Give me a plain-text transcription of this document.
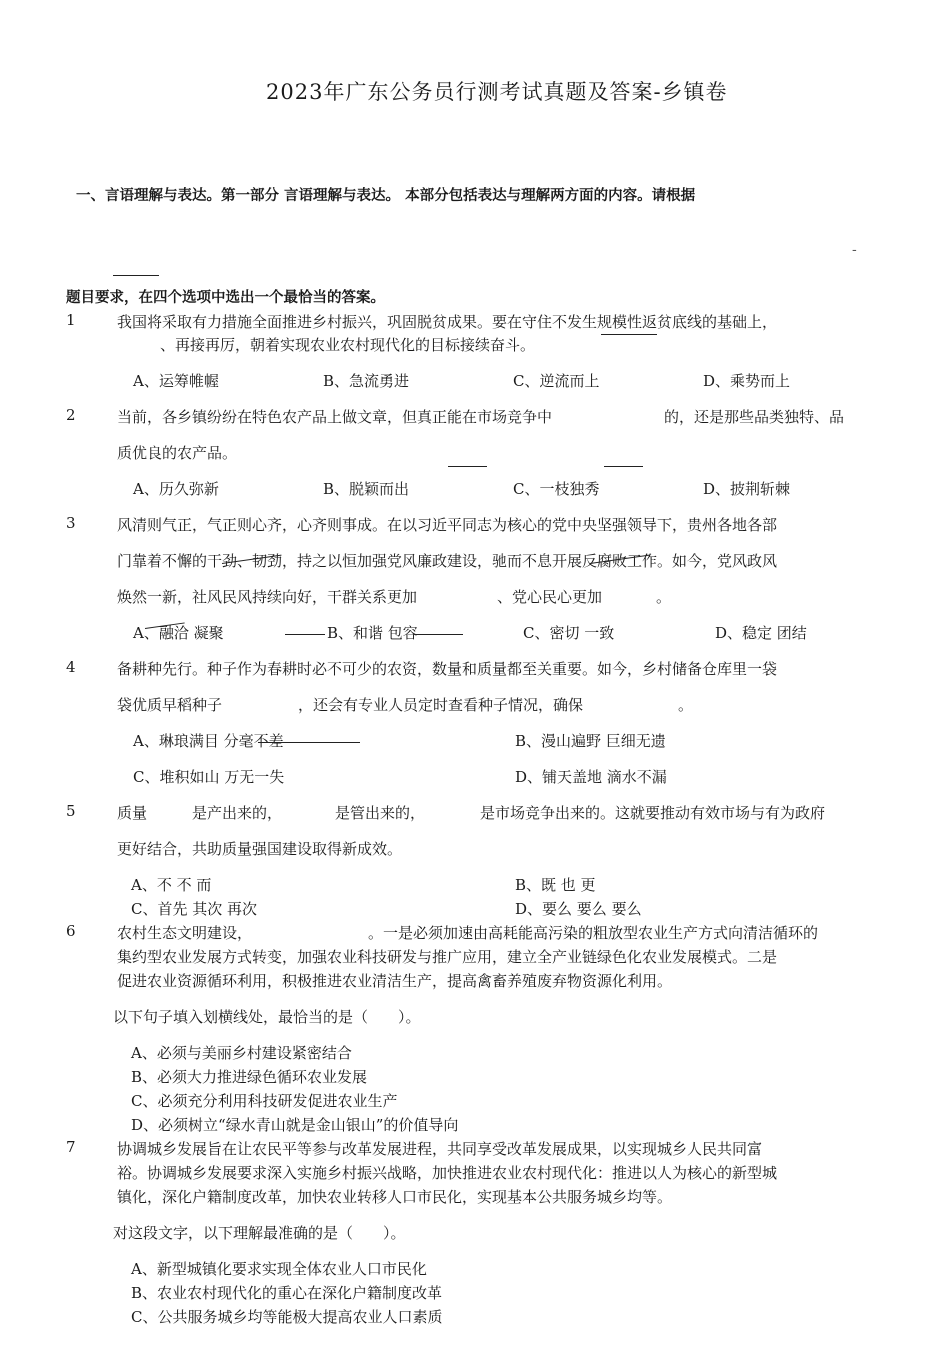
2023年广东公务员行测考试真题及答案-乡镇卷
一、言语理解与表达。第一部分 言语理解与表达。 本部分包括表达与理解两方面的内容。请根据
-
题目要求，在四个选项中选出一个最恰当的答案。
1	我国将采取有力措施全面推进乡村振兴，巩固脱贫成果。要在守住不发生规模性返贫底线的基础上，
、再接再厉，朝着实现农业农村现代化的目标接续奋斗。
A、运筹帷幄	B、急流勇进	C、逆流而上	D、乘势而上
2	当前，各乡镇纷纷在特色农产品上做文章，但真正能在市场竞争中	的，还是那些品类独特、品
质优良的农产品。
A、历久弥新	B、脱颖而出	C、一枝独秀	D、披荆斩棘
3	风清则气正，气正则心齐，心齐则事成。在以习近平同志为核心的党中央坚强领导下，贵州各地各部
门靠着不懈的干劲、韧劲，持之以恒加强党风廉政建设，驰而不息开展反腐败工作。如今，党风政风
焕然一新，社风民风持续向好，干群关系更加	、党心民心更加	。
A、融洽 凝聚	B、和谐 包容	C、密切 一致	D、稳定 团结
4	备耕种先行。种子作为春耕时必不可少的农资，数量和质量都至关重要。如今，乡村储备仓库里一袋
袋优质早稻种子	，还会有专业人员定时查看种子情况，确保	。
A、琳琅满目 分毫不差	B、漫山遍野 巨细无遗
C、堆积如山 万无一失	D、铺天盖地 滴水不漏
5	质量	是产出来的，	是管出来的，	是市场竞争出来的。这就要推动有效市场与有为政府
更好结合，共助质量强国建设取得新成效。
A、不 不 而	B、既 也 更
C、首先 其次 再次	D、要么 要么 要么
6	农村生态文明建设，	。一是必须加速由高耗能高污染的粗放型农业生产方式向清洁循环的
集约型农业发展方式转变，加强农业科技研发与推广应用，建立全产业链绿色化农业发展模式。二是
促进农业资源循环利用，积极推进农业清洁生产，提高禽畜养殖废弃物资源化利用。
以下句子填入划横线处，最恰当的是（　　）。
A、必须与美丽乡村建设紧密结合
B、必须大力推进绿色循环农业发展
C、必须充分利用科技研发促进农业生产
D、必须树立“绿水青山就是金山银山”的价值导向
7	协调城乡发展旨在让农民平等参与改革发展进程，共同享受改革发展成果，以实现城乡人民共同富
裕。协调城乡发展要求深入实施乡村振兴战略，加快推进农业农村现代化：推进以人为核心的新型城
镇化，深化户籍制度改革，加快农业转移人口市民化，实现基本公共服务城乡均等。
对这段文字，以下理解最准确的是（　　）。
A、新型城镇化要求实现全体农业人口市民化
B、农业农村现代化的重心在深化户籍制度改革
C、公共服务城乡均等能极大提高农业人口素质
